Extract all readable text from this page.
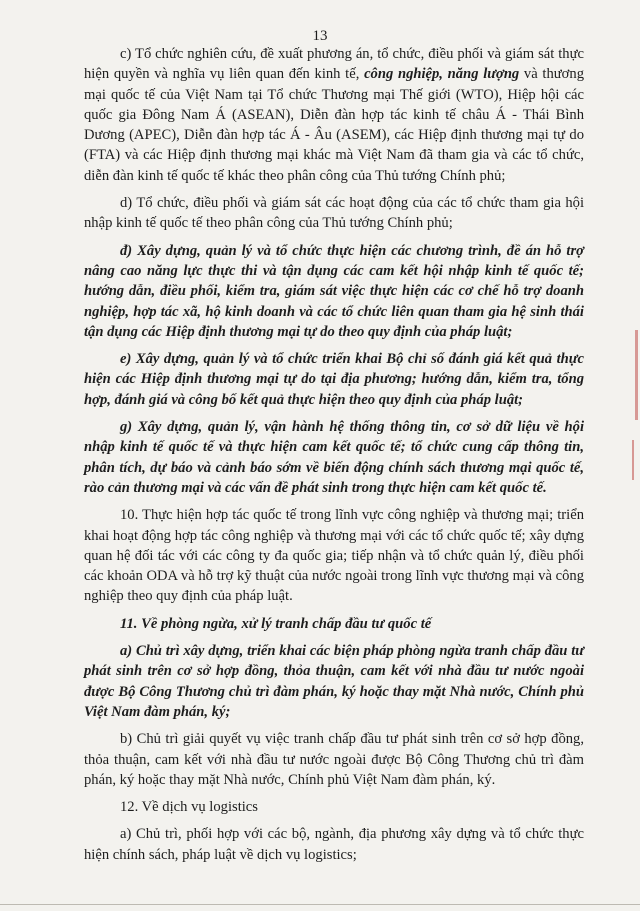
13

c) Tổ chức nghiên cứu, đề xuất phương án, tổ chức, điều phối và giám sát thực hiện quyền và nghĩa vụ liên quan đến kinh tế, công nghiệp, năng lượng và thương mại quốc tế của Việt Nam tại Tổ chức Thương mại Thế giới (WTO), Hiệp hội các quốc gia Đông Nam Á (ASEAN), Diễn đàn hợp tác kinh tế châu Á - Thái Bình Dương (APEC), Diễn đàn hợp tác Á - Âu (ASEM), các Hiệp định thương mại tự do (FTA) và các Hiệp định thương mại khác mà Việt Nam đã tham gia và các tổ chức, diễn đàn kinh tế quốc tế khác theo phân công của Thủ tướng Chính phủ;

d) Tổ chức, điều phối và giám sát các hoạt động của các tổ chức tham gia hội nhập kinh tế quốc tế theo phân công của Thủ tướng Chính phủ;

đ) Xây dựng, quản lý và tổ chức thực hiện các chương trình, đề án hỗ trợ nâng cao năng lực thực thi và tận dụng các cam kết hội nhập kinh tế quốc tế; hướng dẫn, điều phối, kiểm tra, giám sát việc thực hiện các cơ chế hỗ trợ doanh nghiệp, hợp tác xã, hộ kinh doanh và các tổ chức liên quan tham gia hệ sinh thái tận dụng các Hiệp định thương mại tự do theo quy định của pháp luật;

e) Xây dựng, quản lý và tổ chức triển khai Bộ chỉ số đánh giá kết quả thực hiện các Hiệp định thương mại tự do tại địa phương; hướng dẫn, kiểm tra, tổng hợp, đánh giá và công bố kết quả thực hiện theo quy định của pháp luật;

g) Xây dựng, quản lý, vận hành hệ thống thông tin, cơ sở dữ liệu về hội nhập kinh tế quốc tế và thực hiện cam kết quốc tế; tổ chức cung cấp thông tin, phân tích, dự báo và cảnh báo sớm về biến động chính sách thương mại quốc tế, rào cản thương mại và các vấn đề phát sinh trong thực hiện cam kết quốc tế.

10. Thực hiện hợp tác quốc tế trong lĩnh vực công nghiệp và thương mại; triển khai hoạt động hợp tác công nghiệp và thương mại với các tổ chức quốc tế; xây dựng quan hệ đối tác với các công ty đa quốc gia; tiếp nhận và tổ chức quản lý, điều phối các khoản ODA và hỗ trợ kỹ thuật của nước ngoài trong lĩnh vực thương mại và công nghiệp theo quy định của pháp luật.

11. Về phòng ngừa, xử lý tranh chấp đầu tư quốc tế

a) Chủ trì xây dựng, triển khai các biện pháp phòng ngừa tranh chấp đầu tư phát sinh trên cơ sở hợp đồng, thỏa thuận, cam kết với nhà đầu tư nước ngoài được Bộ Công Thương chủ trì đàm phán, ký hoặc thay mặt Nhà nước, Chính phủ Việt Nam đàm phán, ký;

b) Chủ trì giải quyết vụ việc tranh chấp đầu tư phát sinh trên cơ sở hợp đồng, thỏa thuận, cam kết với nhà đầu tư nước ngoài được Bộ Công Thương chủ trì đàm phán, ký hoặc thay mặt Nhà nước, Chính phủ Việt Nam đàm phán, ký.

12. Về dịch vụ logistics

a) Chủ trì, phối hợp với các bộ, ngành, địa phương xây dựng và tổ chức thực hiện chính sách, pháp luật về dịch vụ logistics;
